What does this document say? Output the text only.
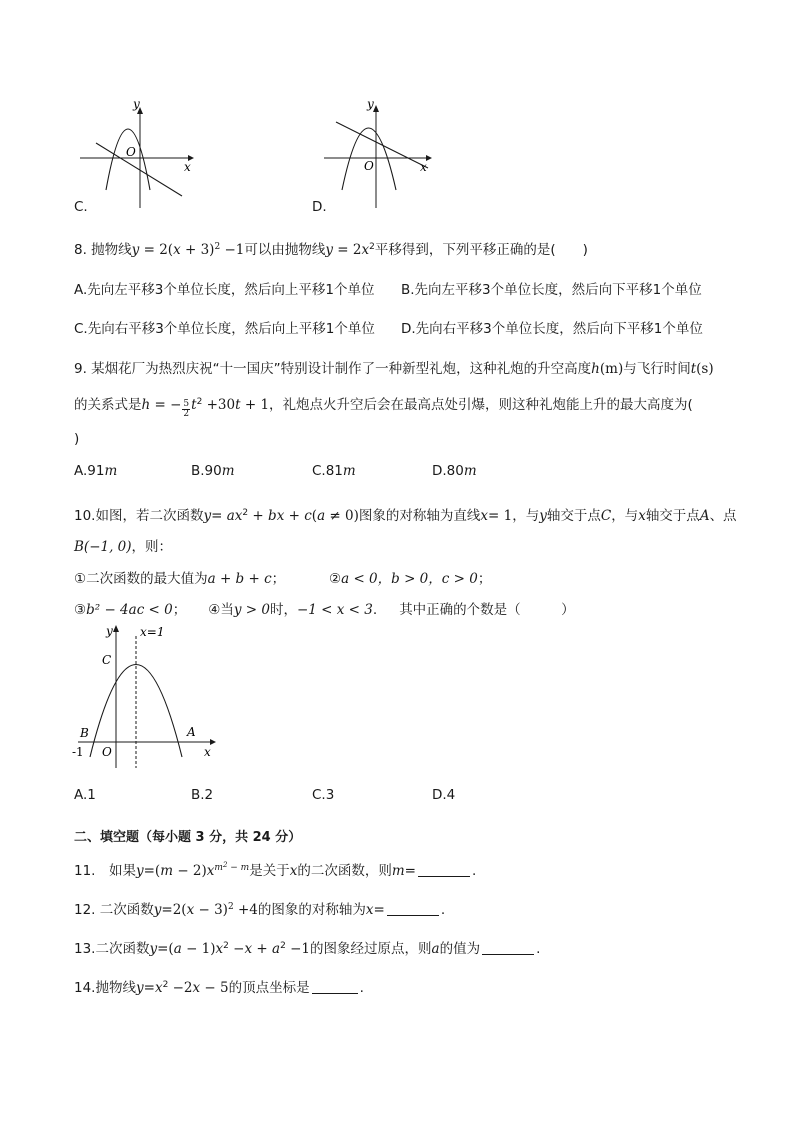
y
x
O
C.
y
x
O
D.
8. 抛物线$y = 2(x + 3)^2 -1$可以由抛物线$y = 2x^2$平移得到，下列平移正确的是(　　)
A.先向左平移3个单位长度，然后向上平移1个单位 B.先向左平移3个单位长度，然后向下平移1个单位
C.先向右平移3个单位长度，然后向上平移1个单位 D.先向右平移3个单位长度，然后向下平移1个单位
9. 某烟花厂为热烈庆祝“十一国庆”特别设计制作了一种新型礼炮，这种礼炮的升空高度h(m)与飞行时间t(s)
的关系式是h = − $\frac{5}{2} t^2 +30t + 1$，礼炮点火升空后会在最高点处引爆，则这种礼炮能上升的最大高度为(
)
A.91m	B.90m	C.81m	D.80m
10.如图，若二次函数$y= ax^2$ + bx + c(a ≠ 0)图象的对称轴为直线x= 1，与y轴交于点C，与x轴交于点A、点
B(−1, 0)，则：
①二次函数的最大值为a + b + c；	②a < 0，b > 0，c > 0；
③b² − 4ac < 0； ④当y > 0时，−1 < x < 3. 其中正确的个数是（　　　）
y x=1
C
B	A
-1 O	x
A.1	B.2	C.3	D.4
二、填空题（每小题 3 分，共 24 分）
11.　如果$y=(m - 2)x^{m^2 - m}$是关于x的二次函数，则m=	.
12. 二次函数$y=2(x - 3)^2 +4$的图象的对称轴为x=	.
13.二次函数$y=(a - 1)x^2 -x + a^2 -1$的图象经过原点，则a的值为	.
14.抛物线$y=x^2 -2x - 5$的顶点坐标是	.
